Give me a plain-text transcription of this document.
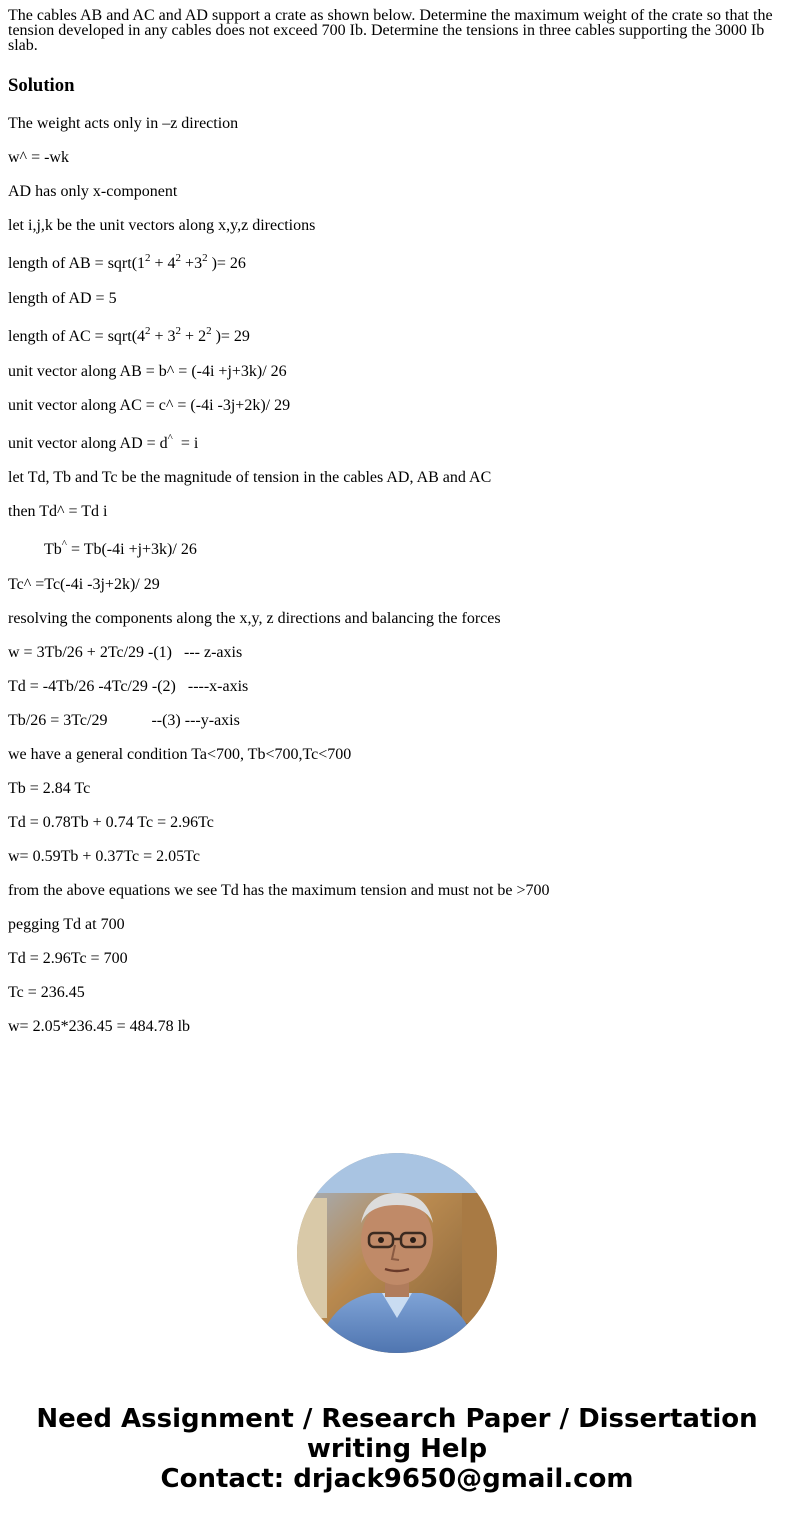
The cables AB and AC and AD support a crate as shown below. Determine the maximum weight of the crate so that the tension developed in any cables does not exceed 700 Ib. Determine the tensions in three cables supporting the 3000 Ib slab.

Solution

The weight acts only in –z direction

w^ = -wk

AD has only x-component

let i,j,k be the unit vectors along x,y,z directions

length of AB = $sqrt(1^2 + 4^2 +3^2$ )= 26

length of AD = 5

length of AC = $sqrt(4^2 + 3^2 + 2^2$ )= 29

unit vector along AB = b^ = (-4i +j+3k)/ 26

unit vector along AC = c^ = (-4i -3j+2k)/ 29

unit vector along AD = d^  = i

let Td, Tb and Tc be the magnitude of tension in the cables AD, AB and AC

then Td^ = Td i

Tb^ = Tb(-4i +j+3k)/ 26

Tc^ =Tc(-4i -3j+2k)/ 29

resolving the components along the x,y, z directions and balancing the forces

w = 3Tb/26 + 2Tc/29 -(1)   --- z-axis

Td = -4Tb/26 -4Tc/29 -(2)   ----x-axis

Tb/26 = 3Tc/29           --(3) ---y-axis

we have a general condition Ta<700, Tb<700,Tc<700

Tb = 2.84 Tc

Td = 0.78Tb + 0.74 Tc = 2.96Tc

w= 0.59Tb + 0.37Tc = 2.05Tc

from the above equations we see Td has the maximum tension and must not be >700

pegging Td at 700

Td = 2.96Tc = 700

Tc = 236.45

w= 2.05*236.45 = 484.78 lb

Need Assignment / Research Paper / Dissertation
writing Help
Contact: drjack9650@gmail.com
